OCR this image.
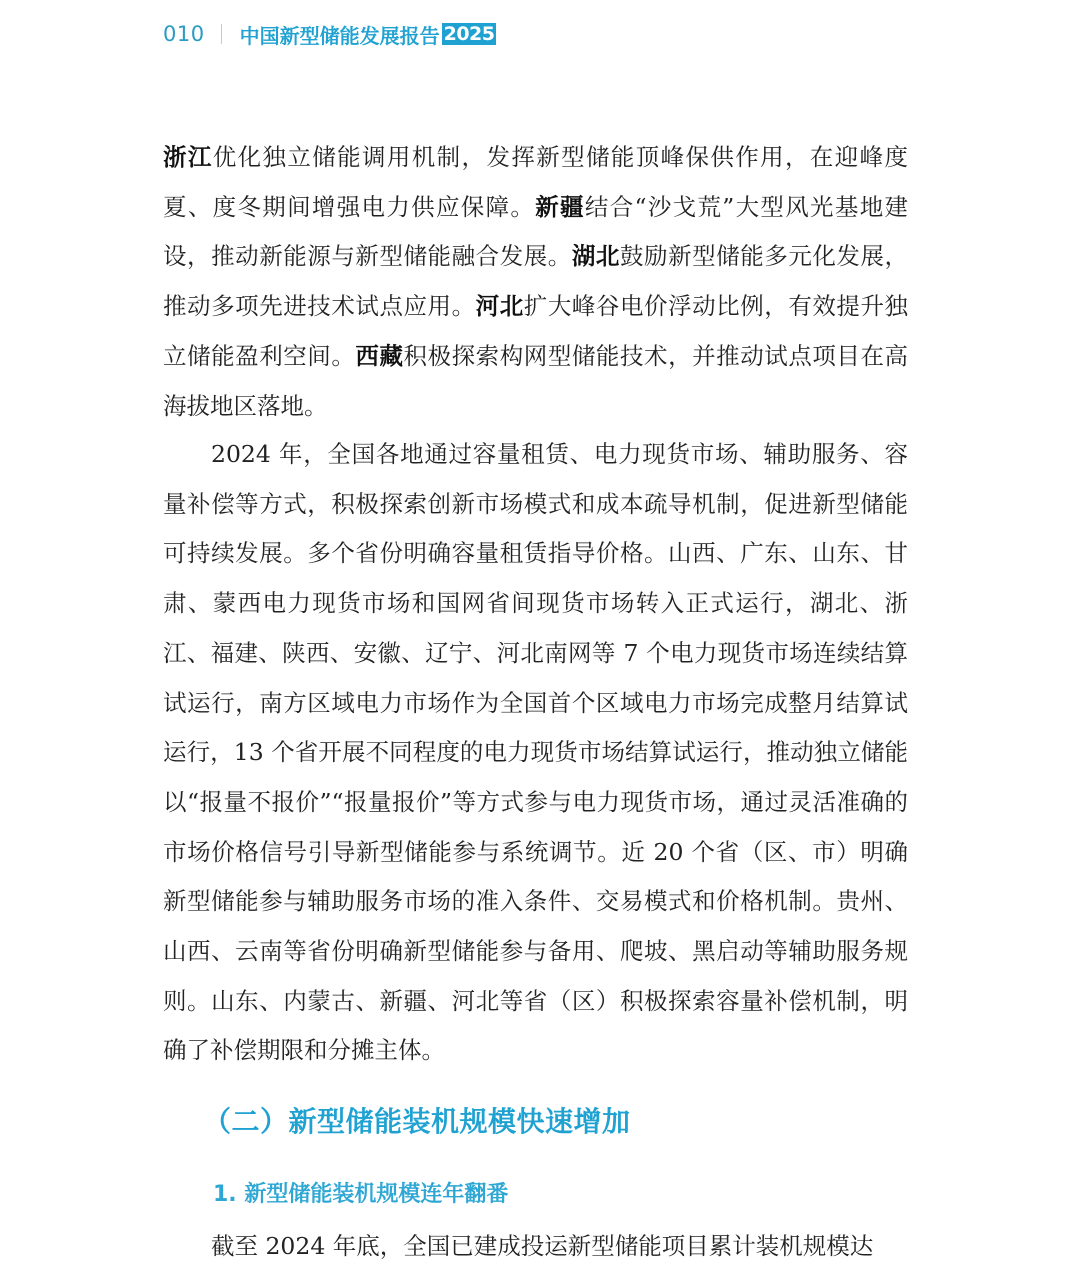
010 中国新型储能发展报告 2025

浙江优化独立储能调用机制，发挥新型储能顶峰保供作用，在迎峰度夏、度冬期间增强电力供应保障。新疆结合“沙戈荒”大型风光基地建设，推动新能源与新型储能融合发展。湖北鼓励新型储能多元化发展，推动多项先进技术试点应用。河北扩大峰谷电价浮动比例，有效提升独立储能盈利空间。西藏积极探索构网型储能技术，并推动试点项目在高海拔地区落地。

2024 年，全国各地通过容量租赁、电力现货市场、辅助服务、容量补偿等方式，积极探索创新市场模式和成本疏导机制，促进新型储能可持续发展。多个省份明确容量租赁指导价格。山西、广东、山东、甘肃、蒙西电力现货市场和国网省间现货市场转入正式运行，湖北、浙江、福建、陕西、安徽、辽宁、河北南网等 7 个电力现货市场连续结算试运行，南方区域电力市场作为全国首个区域电力市场完成整月结算试运行，13 个省开展不同程度的电力现货市场结算试运行，推动独立储能以“报量不报价”“报量报价”等方式参与电力现货市场，通过灵活准确的市场价格信号引导新型储能参与系统调节。近 20 个省（区、市）明确新型储能参与辅助服务市场的准入条件、交易模式和价格机制。贵州、山西、云南等省份明确新型储能参与备用、爬坡、黑启动等辅助服务规则。山东、内蒙古、新疆、河北等省（区）积极探索容量补偿机制，明确了补偿期限和分摊主体。

（二）新型储能装机规模快速增加
1. 新型储能装机规模连年翻番

截至 2024 年底，全国已建成投运新型储能项目累计装机规模达
